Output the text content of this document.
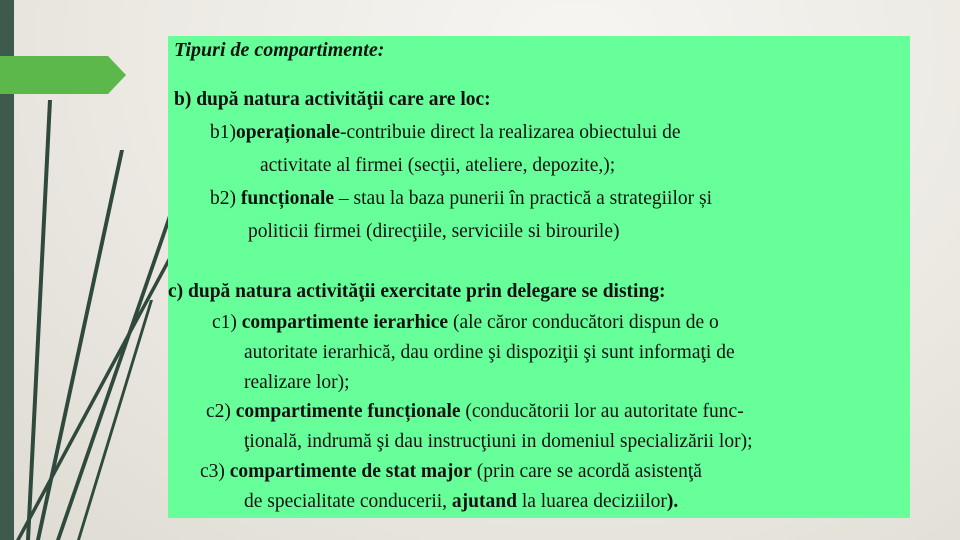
Tipuri de compartimente:
b) după natura activităţii care are loc:
b1)operaționale-contribuie direct la realizarea obiectului de
activitate al firmei (secţii, ateliere, depozite,);
b2) funcționale – stau la baza punerii în practică a strategiilor și
politicii firmei (direcţiile, serviciile si birourile)
c) după natura activităţii exercitate prin delegare se disting:
c1) compartimente ierarhice (ale căror conducători dispun de o
autoritate ierarhică, dau ordine şi dispoziţii şi sunt informaţi de
realizare lor);
c2) compartimente funcționale (conducătorii lor au autoritate func-
ţională, indrumă şi dau instrucţiuni in domeniul specializării lor);
c3) compartimente de stat major (prin care se acordă asistenţă
de specialitate conducerii, ajutand la luarea deciziilor).
